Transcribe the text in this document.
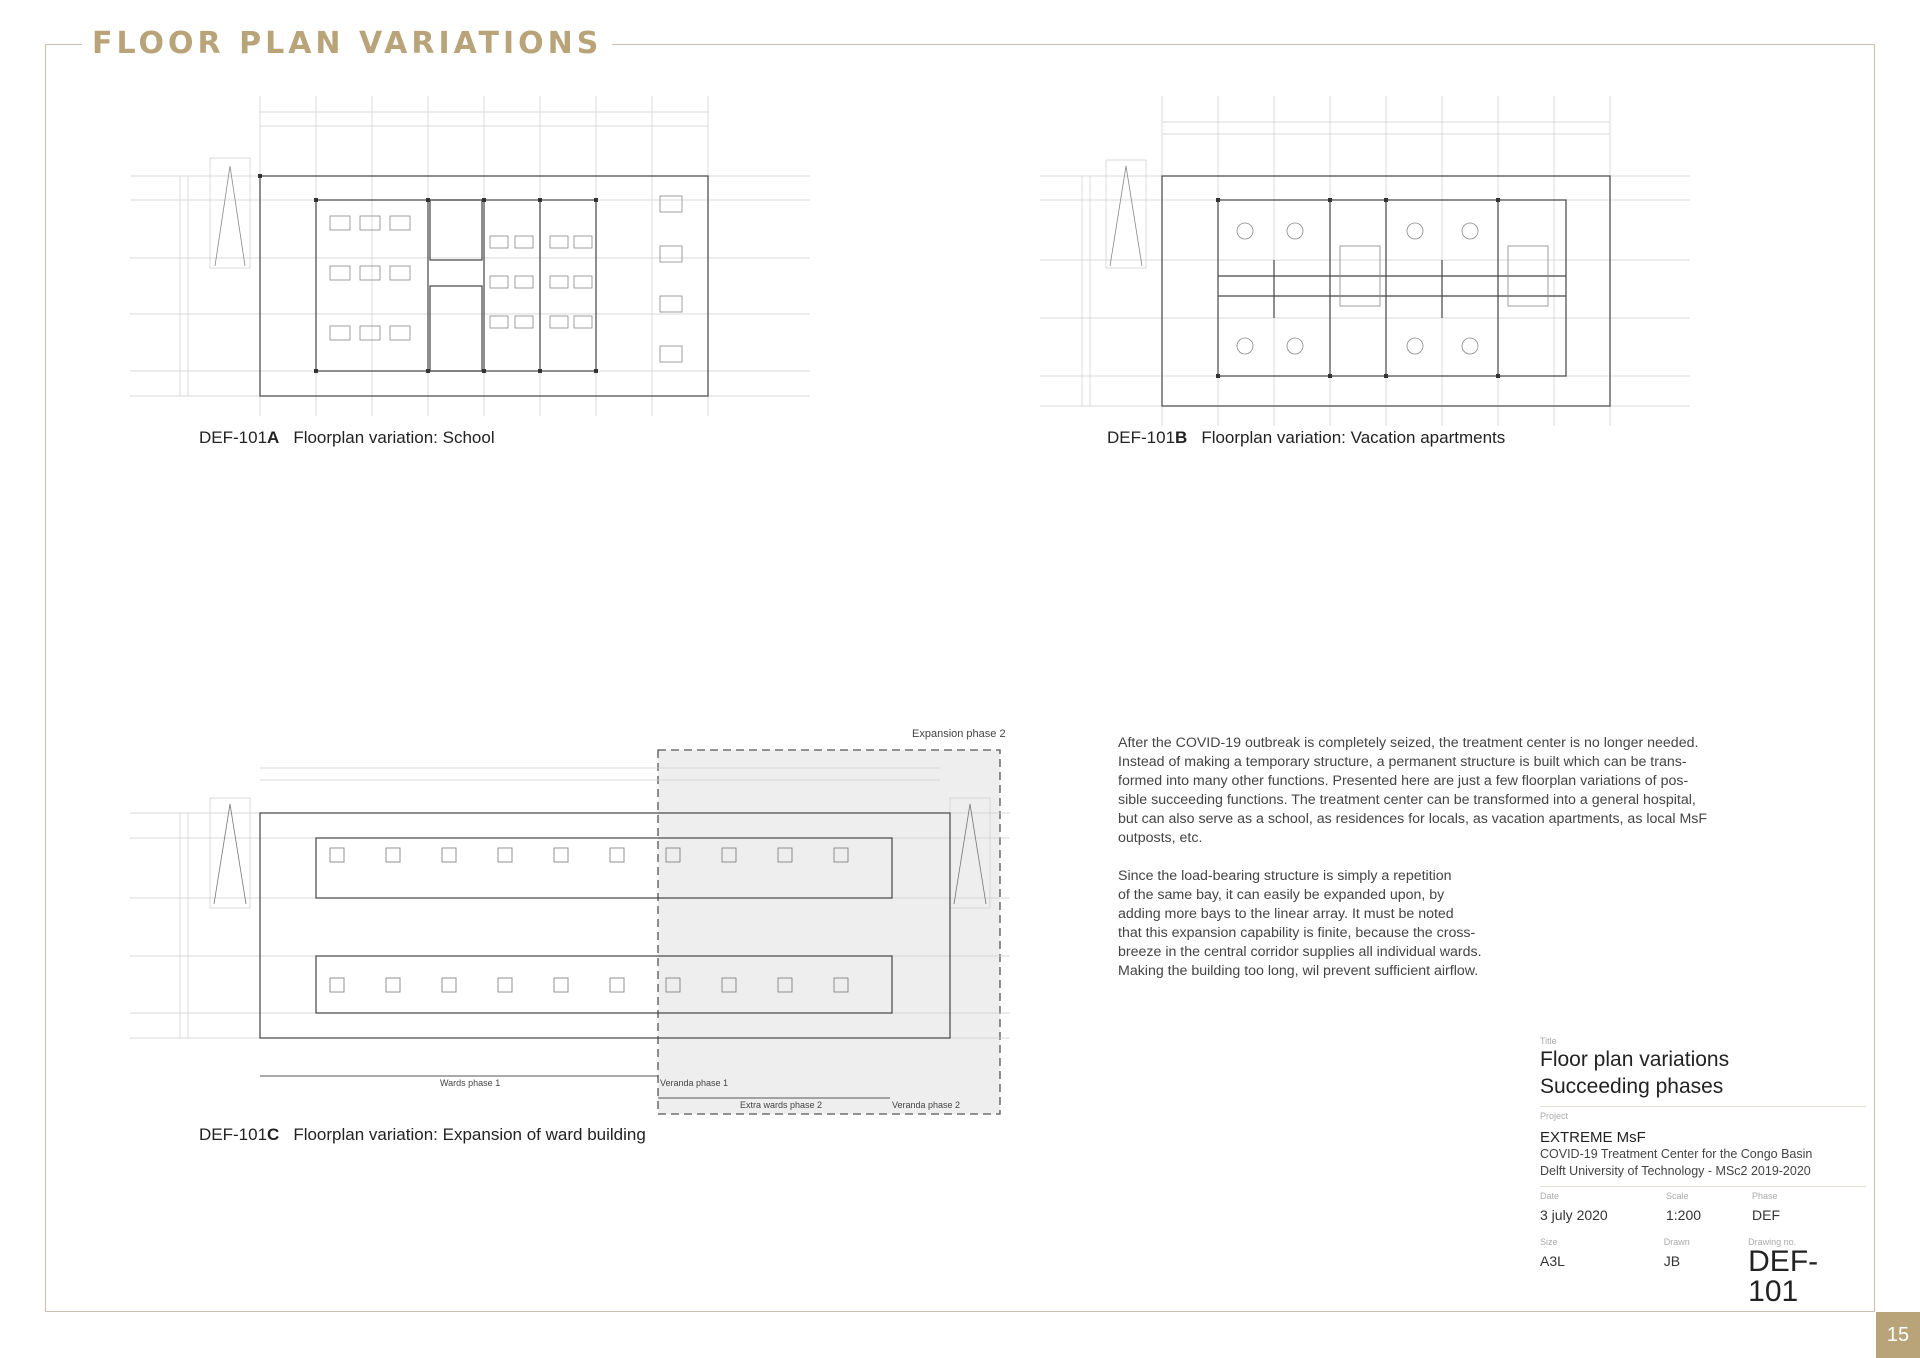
FLOOR PLAN VARIATIONS
DEF-101A Floorplan variation: School	DEF-101B Floorplan variation: Vacation apartments
Expansion phase 2
Wards phase 1	Veranda phase 1
Extra wards phase 2	Veranda phase 2
DEF-101C Floorplan variation: Expansion of ward building

After the COVID-19 outbreak is completely seized, the treatment center is no longer needed.
Instead of making a temporary structure, a permanent structure is built which can be trans-
formed into many other functions. Presented here are just a few floorplan variations of pos-
sible succeeding functions. The treatment center can be transformed into a general hospital,
but can also serve as a school, as residences for locals, as vacation apartments, as local MsF
outposts, etc.

Since the load-bearing structure is simply a repetition
of the same bay, it can easily be expanded upon, by
adding more bays to the linear array. It must be noted
that this expansion capability is finite, because the cross-
breeze in the central corridor supplies all individual wards.
Making the building too long, wil prevent sufficient airflow.

Title
Floor plan variations
Succeeding phases
Project
EXTREME MsF
COVID-19 Treatment Center for the Congo Basin
Delft University of Technology - MSc2 2019-2020
Date
3 july 2020
Scale
1:200
Phase
DEF
Size
A3L
Drawn
JB
Drawing no.
DEF-101
15
